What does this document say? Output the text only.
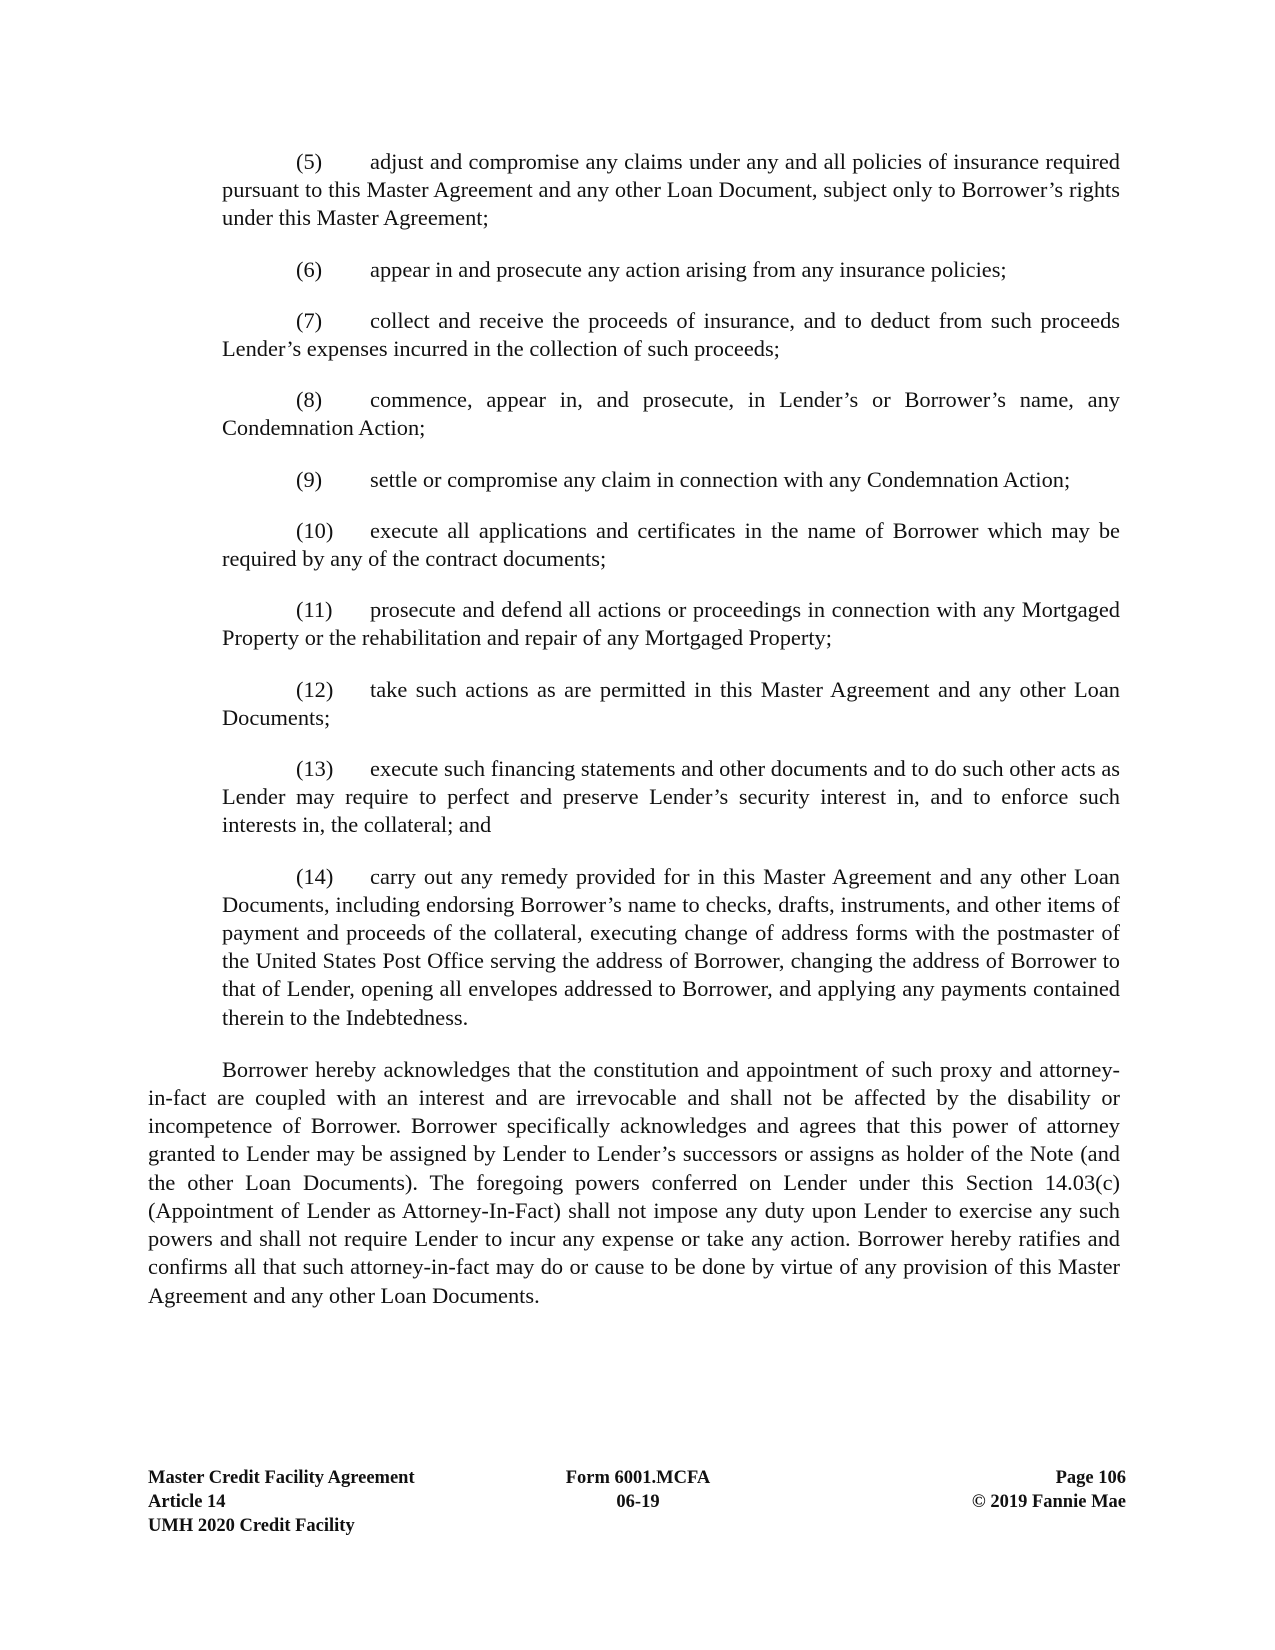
(5) adjust and compromise any claims under any and all policies of insurance required pursuant to this Master Agreement and any other Loan Document, subject only to Borrower’s rights under this Master Agreement;
(6) appear in and prosecute any action arising from any insurance policies;
(7) collect and receive the proceeds of insurance, and to deduct from such proceeds Lender’s expenses incurred in the collection of such proceeds;
(8) commence, appear in, and prosecute, in Lender’s or Borrower’s name, any Condemnation Action;
(9) settle or compromise any claim in connection with any Condemnation Action;
(10) execute all applications and certificates in the name of Borrower which may be required by any of the contract documents;
(11) prosecute and defend all actions or proceedings in connection with any Mortgaged Property or the rehabilitation and repair of any Mortgaged Property;
(12) take such actions as are permitted in this Master Agreement and any other Loan Documents;
(13) execute such financing statements and other documents and to do such other acts as Lender may require to perfect and preserve Lender’s security interest in, and to enforce such interests in, the collateral; and
(14) carry out any remedy provided for in this Master Agreement and any other Loan Documents, including endorsing Borrower’s name to checks, drafts, instruments, and other items of payment and proceeds of the collateral, executing change of address forms with the postmaster of the United States Post Office serving the address of Borrower, changing the address of Borrower to that of Lender, opening all envelopes addressed to Borrower, and applying any payments contained therein to the Indebtedness.

Borrower hereby acknowledges that the constitution and appointment of such proxy and attorney-in-fact are coupled with an interest and are irrevocable and shall not be affected by the disability or incompetence of Borrower. Borrower specifically acknowledges and agrees that this power of attorney granted to Lender may be assigned by Lender to Lender’s successors or assigns as holder of the Note (and the other Loan Documents). The foregoing powers conferred on Lender under this Section 14.03(c) (Appointment of Lender as Attorney-In-Fact) shall not impose any duty upon Lender to exercise any such powers and shall not require Lender to incur any expense or take any action. Borrower hereby ratifies and confirms all that such attorney-in-fact may do or cause to be done by virtue of any provision of this Master Agreement and any other Loan Documents.

Master Credit Facility Agreement
Article 14
UMH 2020 Credit Facility
Form 6001.MCFA
06-19
Page 106
© 2019 Fannie Mae
